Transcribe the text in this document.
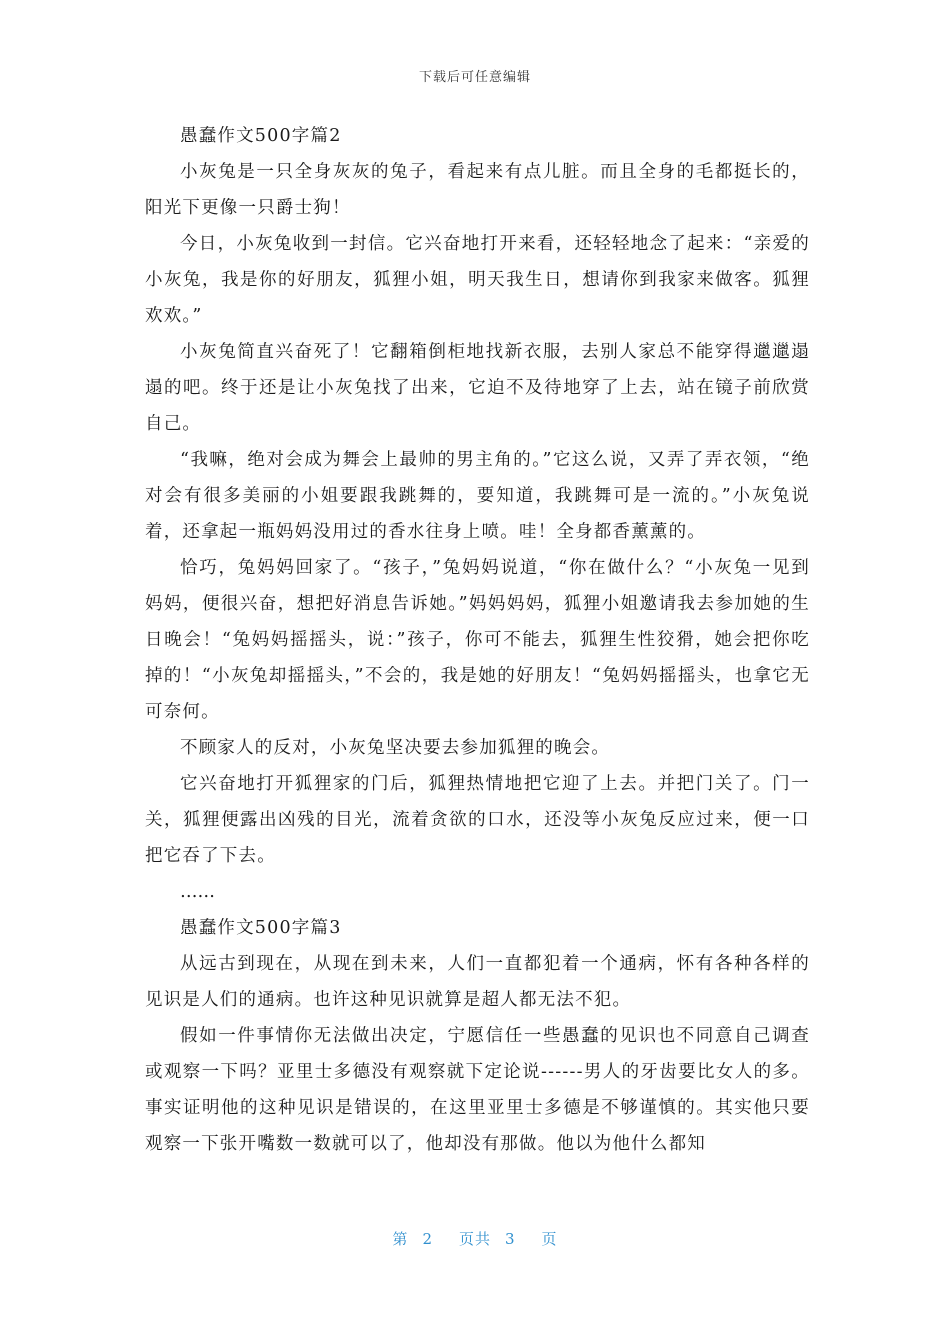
下载后可任意编辑

愚蠢作文500字篇2

小灰兔是一只全身灰灰的兔子，看起来有点儿脏。而且全身的毛都挺长的，阳光下更像一只爵士狗！

今日，小灰兔收到一封信。它兴奋地打开来看，还轻轻地念了起来：“亲爱的小灰兔，我是你的好朋友，狐狸小姐，明天我生日，想请你到我家来做客。狐狸欢欢。”

小灰兔简直兴奋死了！它翻箱倒柜地找新衣服，去别人家总不能穿得邋邋遢遢的吧。终于还是让小灰兔找了出来，它迫不及待地穿了上去，站在镜子前欣赏自己。

“我嘛，绝对会成为舞会上最帅的男主角的。”它这么说，又弄了弄衣领，“绝对会有很多美丽的小姐要跟我跳舞的，要知道，我跳舞可是一流的。”小灰兔说着，还拿起一瓶妈妈没用过的香水往身上喷。哇！全身都香薰薰的。

恰巧，兔妈妈回家了。“孩子，”兔妈妈说道，“你在做什么？“小灰兔一见到妈妈，便很兴奋，想把好消息告诉她。”妈妈妈妈，狐狸小姐邀请我去参加她的生日晚会！“兔妈妈摇摇头，说：”孩子，你可不能去，狐狸生性狡猾，她会把你吃掉的！“小灰兔却摇摇头，”不会的，我是她的好朋友！“兔妈妈摇摇头，也拿它无可奈何。

不顾家人的反对，小灰兔坚决要去参加狐狸的晚会。

它兴奋地打开狐狸家的门后，狐狸热情地把它迎了上去。并把门关了。门一关，狐狸便露出凶残的目光，流着贪欲的口水，还没等小灰兔反应过来，便一口把它吞了下去。

……

愚蠢作文500字篇3

从远古到现在，从现在到未来，人们一直都犯着一个通病，怀有各种各样的见识是人们的通病。也许这种见识就算是超人都无法不犯。

假如一件事情你无法做出决定，宁愿信任一些愚蠢的见识也不同意自己调查或观察一下吗？亚里士多德没有观察就下定论说------男人的牙齿要比女人的多。事实证明他的这种见识是错误的，在这里亚里士多德是不够谨慎的。其实他只要观察一下张开嘴数一数就可以了，他却没有那做。他以为他什么都知

第 2 页共 3 页
